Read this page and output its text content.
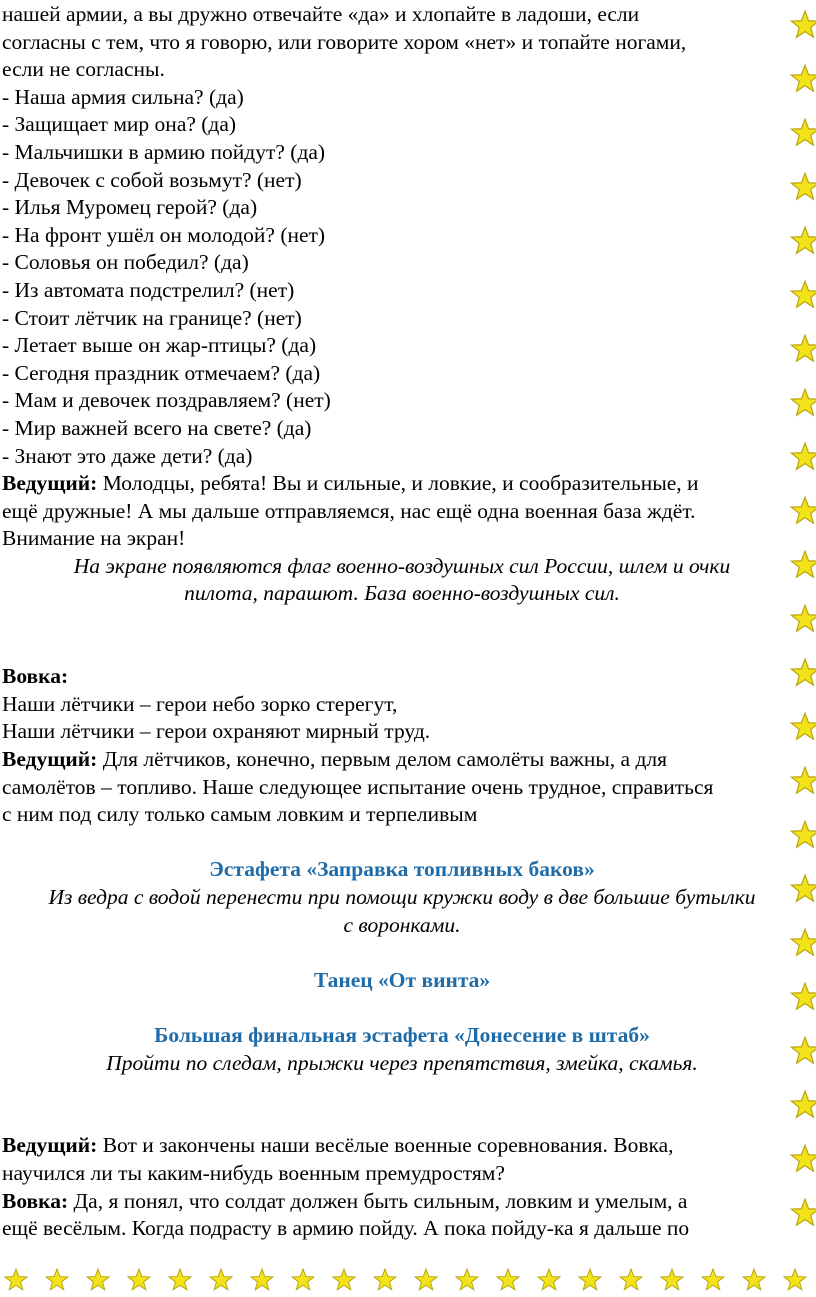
нашей армии, а вы дружно отвечайте «да» и хлопайте в ладоши, если
согласны с тем, что я говорю, или говорите хором «нет» и топайте ногами,
если не согласны.
- Наша армия сильна? (да)
- Защищает мир она? (да)
- Мальчишки в армию пойдут? (да)
- Девочек с собой возьмут? (нет)
- Илья Муромец герой? (да)
- На фронт ушёл он молодой? (нет)
- Соловья он победил? (да)
- Из автомата подстрелил? (нет)
- Стоит лётчик на границе? (нет)
- Летает выше он жар-птицы? (да)
- Сегодня праздник отмечаем? (да)
- Мам и девочек поздравляем? (нет)
- Мир важней всего на свете? (да)
- Знают это даже дети? (да)
Ведущий: Молодцы, ребята! Вы и сильные, и ловкие, и сообразительные, и
ещё дружные! А мы дальше отправляемся, нас ещё одна военная база ждёт.
Внимание на экран!
На экране появляются флаг военно-воздушных сил России, шлем и очки
пилота, парашют. База военно-воздушных сил.
Вовка:
Наши лётчики – герои небо зорко стерегут,
Наши лётчики – герои охраняют мирный труд.
Ведущий: Для лётчиков, конечно, первым делом самолёты важны, а для
самолётов – топливо. Наше следующее испытание очень трудное, справиться
с ним под силу только самым ловким и терпеливым
Эстафета «Заправка топливных баков»
Из ведра с водой перенести при помощи кружки воду в две большие бутылки
с воронками.
Танец «От винта»
Большая финальная эстафета «Донесение в штаб»
Пройти по следам, прыжки через препятствия, змейка, скамья.
Ведущий: Вот и закончены наши весёлые военные соревнования. Вовка,
научился ли ты каким-нибудь военным премудростям?
Вовка: Да, я понял, что солдат должен быть сильным, ловким и умелым, а
ещё весёлым. Когда подрасту в армию пойду. А пока пойду-ка я дальше по
